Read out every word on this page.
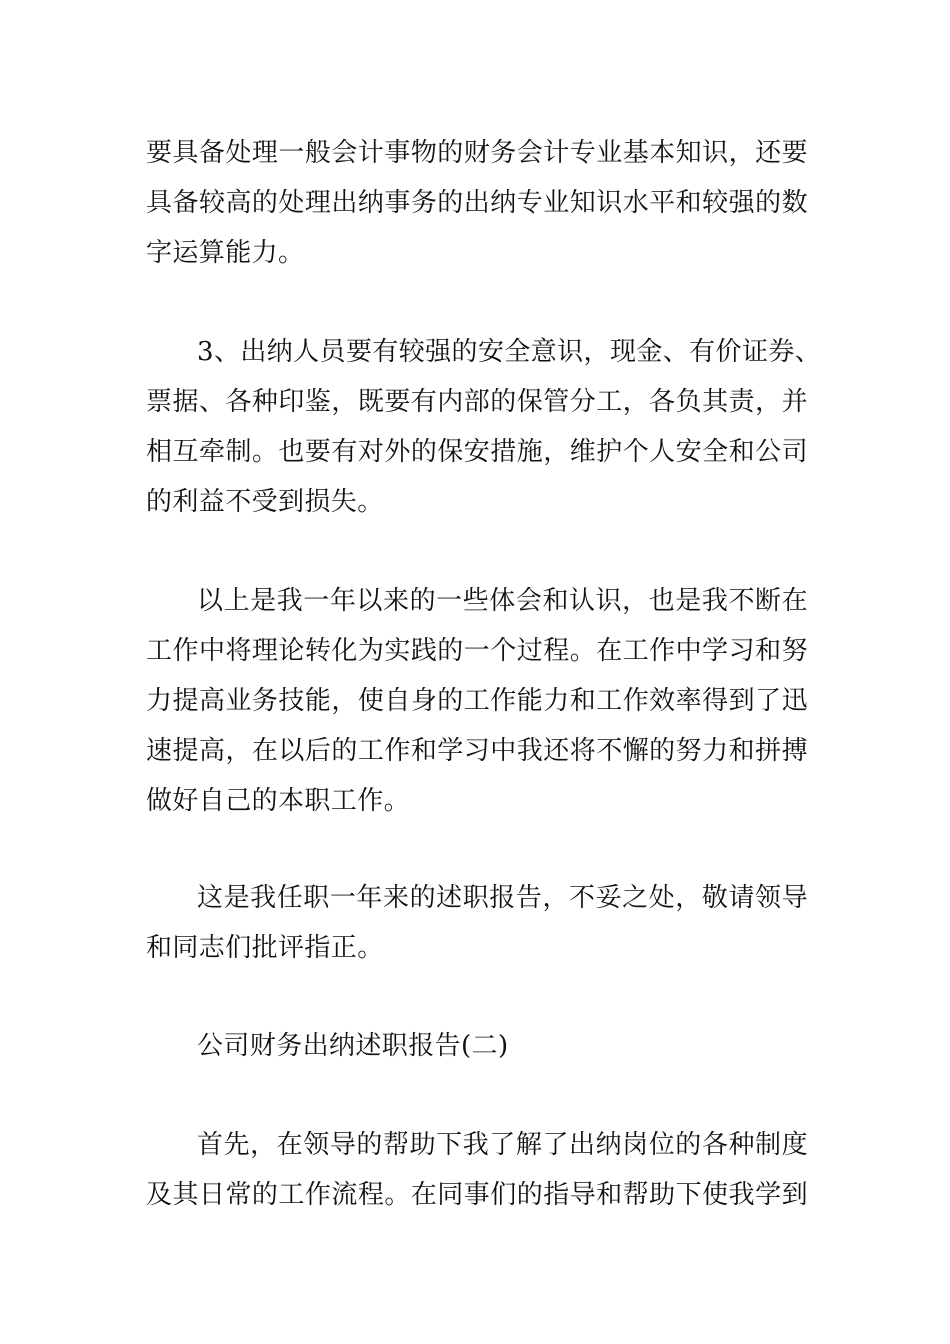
要具备处理一般会计事物的财务会计专业基本知识，还要
具备较高的处理出纳事务的出纳专业知识水平和较强的数
字运算能力。
3、出纳人员要有较强的安全意识，现金、有价证券、
票据、各种印鉴，既要有内部的保管分工，各负其责，并
相互牵制。也要有对外的保安措施，维护个人安全和公司
的利益不受到损失。
以上是我一年以来的一些体会和认识，也是我不断在
工作中将理论转化为实践的一个过程。在工作中学习和努
力提高业务技能，使自身的工作能力和工作效率得到了迅
速提高，在以后的工作和学习中我还将不懈的努力和拼搏
做好自己的本职工作。
这是我任职一年来的述职报告，不妥之处，敬请领导
和同志们批评指正。
公司财务出纳述职报告(二)
首先，在领导的帮助下我了解了出纳岗位的各种制度
及其日常的工作流程。在同事们的指导和帮助下使我学到
